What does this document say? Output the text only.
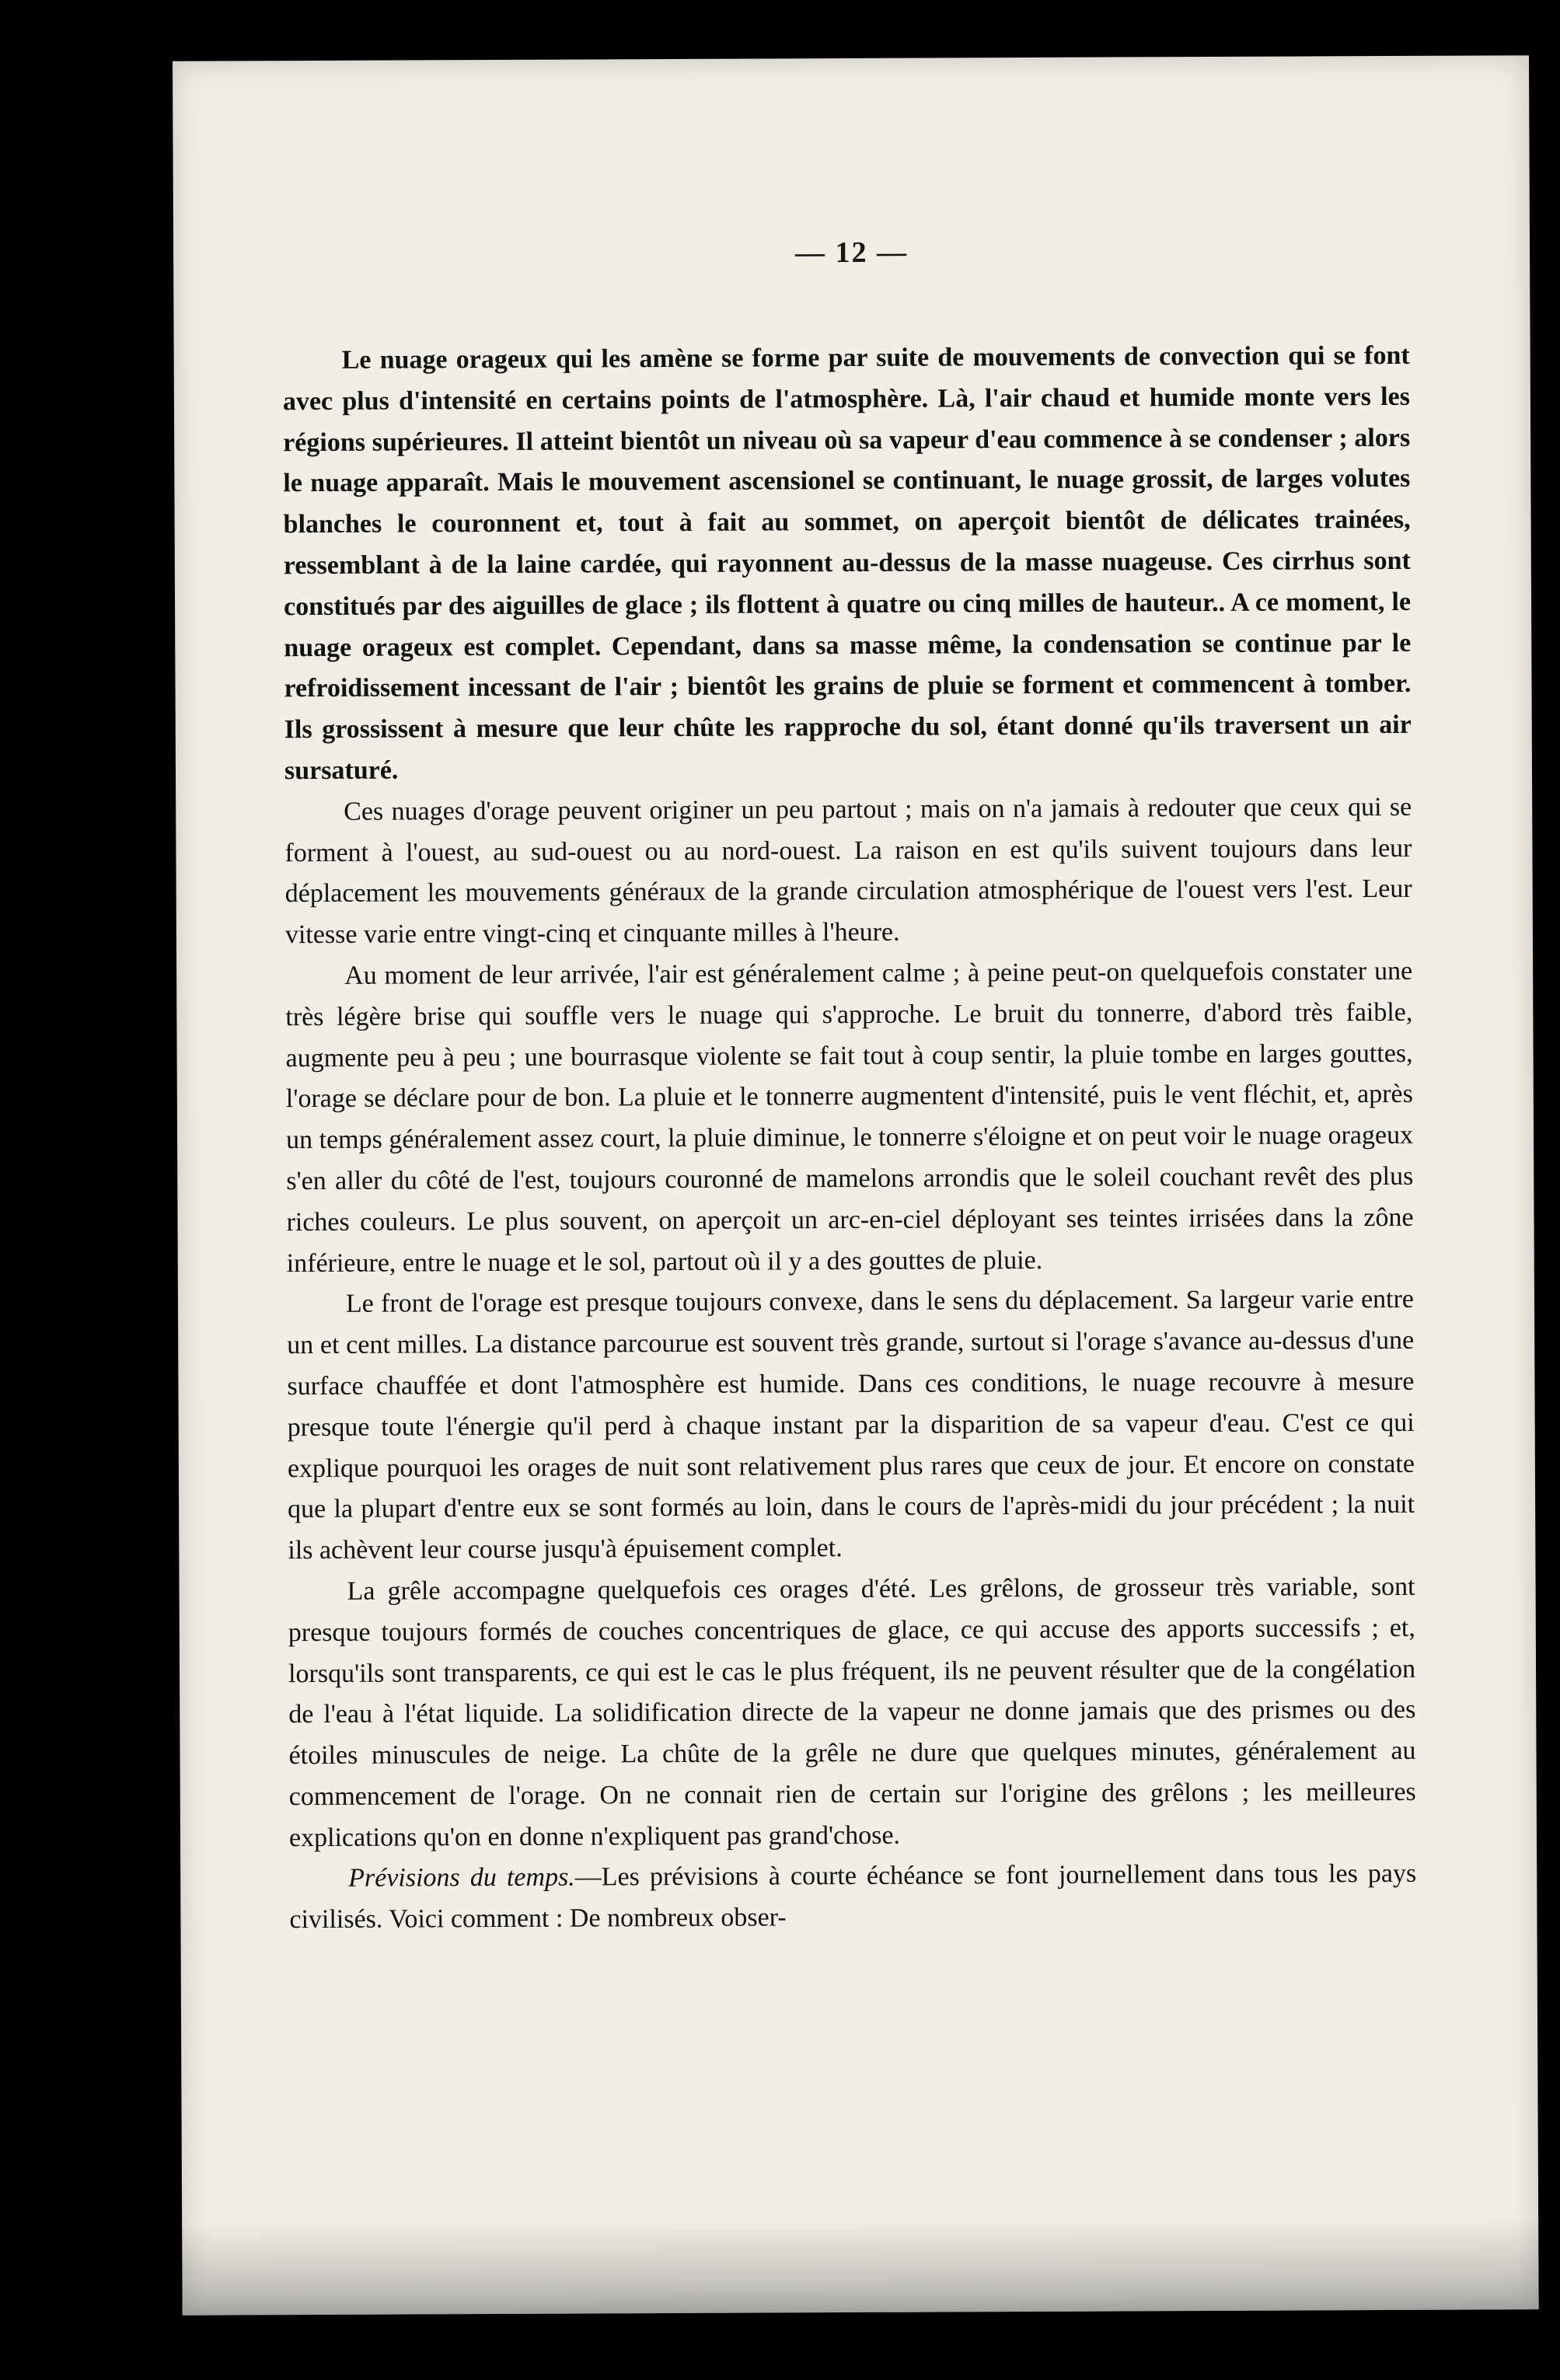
— 12 —

Le nuage orageux qui les amène se forme par suite de mouvements de convection qui se font avec plus d'intensité en certains points de l'atmosphère. Là, l'air chaud et humide monte vers les régions supérieures. Il atteint bientôt un niveau où sa vapeur d'eau commence à se condenser ; alors le nuage apparaît. Mais le mouvement ascensionel se continuant, le nuage grossit, de larges volutes blanches le couronnent et, tout à fait au sommet, on aperçoit bientôt de délicates trainées, ressemblant à de la laine cardée, qui rayonnent au-dessus de la masse nuageuse. Ces cirrhus sont constitués par des aiguilles de glace ; ils flottent à quatre ou cinq milles de hauteur.. A ce moment, le nuage orageux est complet. Cependant, dans sa masse même, la condensation se continue par le refroidissement incessant de l'air ; bientôt les grains de pluie se forment et commencent à tomber. Ils grossissent à mesure que leur chûte les rapproche du sol, étant donné qu'ils traversent un air sursaturé.

Ces nuages d'orage peuvent originer un peu partout ; mais on n'a jamais à redouter que ceux qui se forment à l'ouest, au sud-ouest ou au nord-ouest. La raison en est qu'ils suivent toujours dans leur déplacement les mouvements généraux de la grande circulation atmosphérique de l'ouest vers l'est. Leur vitesse varie entre vingt-cinq et cinquante milles à l'heure.

Au moment de leur arrivée, l'air est généralement calme ; à peine peut-on quelquefois constater une très légère brise qui souffle vers le nuage qui s'approche. Le bruit du tonnerre, d'abord très faible, augmente peu à peu ; une bourrasque violente se fait tout à coup sentir, la pluie tombe en larges gouttes, l'orage se déclare pour de bon. La pluie et le tonnerre augmentent d'intensité, puis le vent fléchit, et, après un temps généralement assez court, la pluie diminue, le tonnerre s'éloigne et on peut voir le nuage orageux s'en aller du côté de l'est, toujours couronné de mamelons arrondis que le soleil couchant revêt des plus riches couleurs. Le plus souvent, on aperçoit un arc-en-ciel déployant ses teintes irrisées dans la zône inférieure, entre le nuage et le sol, partout où il y a des gouttes de pluie.

Le front de l'orage est presque toujours convexe, dans le sens du déplacement. Sa largeur varie entre un et cent milles. La distance parcourue est souvent très grande, surtout si l'orage s'avance au-dessus d'une surface chauffée et dont l'atmosphère est humide. Dans ces conditions, le nuage recouvre à mesure presque toute l'énergie qu'il perd à chaque instant par la disparition de sa vapeur d'eau. C'est ce qui explique pourquoi les orages de nuit sont relativement plus rares que ceux de jour. Et encore on constate que la plupart d'entre eux se sont formés au loin, dans le cours de l'après-midi du jour précédent ; la nuit ils achèvent leur course jusqu'à épuisement complet.

La grêle accompagne quelquefois ces orages d'été. Les grêlons, de grosseur très variable, sont presque toujours formés de couches concentriques de glace, ce qui accuse des apports successifs ; et, lorsqu'ils sont transparents, ce qui est le cas le plus fréquent, ils ne peuvent résulter que de la congélation de l'eau à l'état liquide. La solidification directe de la vapeur ne donne jamais que des prismes ou des étoiles minuscules de neige. La chûte de la grêle ne dure que quelques minutes, généralement au commencement de l'orage. On ne connait rien de certain sur l'origine des grêlons ; les meilleures explications qu'on en donne n'expliquent pas grand'chose.

Prévisions du temps.—Les prévisions à courte échéance se font journellement dans tous les pays civilisés. Voici comment : De nombreux obser-
